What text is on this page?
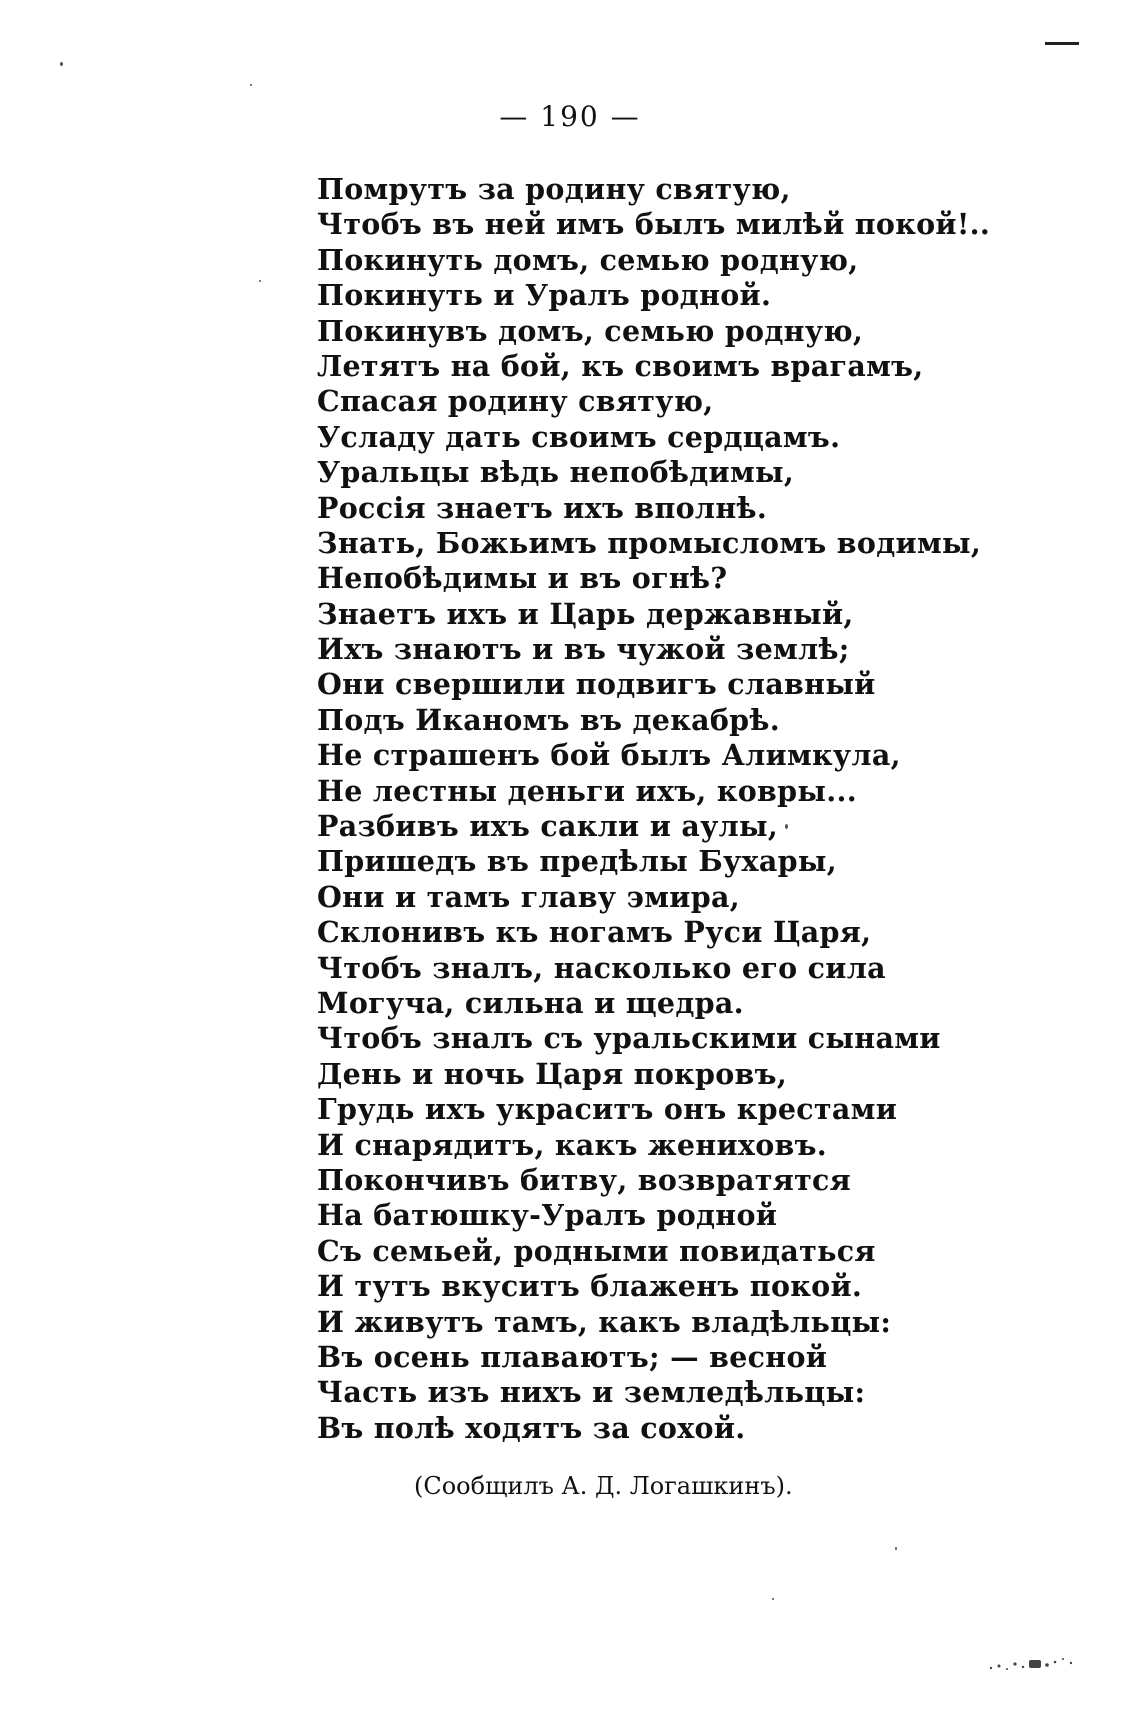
— 190 —
Помрутъ за родину святую,
Чтобъ въ ней имъ былъ милѣй покой!..
Покинуть домъ, семью родную,
Покинуть и Уралъ родной.
Покинувъ домъ, семью родную,
Летятъ на бой, къ своимъ врагамъ,
Спасая родину святую,
Усладу дать своимъ сердцамъ.
Уральцы вѣдь непобѣдимы,
Россія знаетъ ихъ вполнѣ.
Знать, Божьимъ промысломъ водимы,
Непобѣдимы и въ огнѣ?
Знаетъ ихъ и Царь державный,
Ихъ знаютъ и въ чужой землѣ;
Они свершили подвигъ славный
Подъ Иканомъ въ декабрѣ.
Не страшенъ бой былъ Алимкула,
Не лестны деньги ихъ, ковры...
Разбивъ ихъ сакли и аулы,
Пришедъ въ предѣлы Бухары,
Они и тамъ главу эмира,
Склонивъ къ ногамъ Руси Царя,
Чтобъ зналъ, насколько его сила
Могуча, сильна и щедра.
Чтобъ зналъ съ уральскими сынами
День и ночь Царя покровъ,
Грудь ихъ украситъ онъ крестами
И снарядитъ, какъ жениховъ.
Покончивъ битву, возвратятся
На батюшку-Уралъ родной
Съ семьей, родными повидаться
И тутъ вкуситъ блаженъ покой.
И живутъ тамъ, какъ владѣльцы:
Въ осень плаваютъ; — весной
Часть изъ нихъ и земледѣльцы:
Въ полѣ ходятъ за сохой.
(Сообщилъ А. Д. Логашкинъ).
